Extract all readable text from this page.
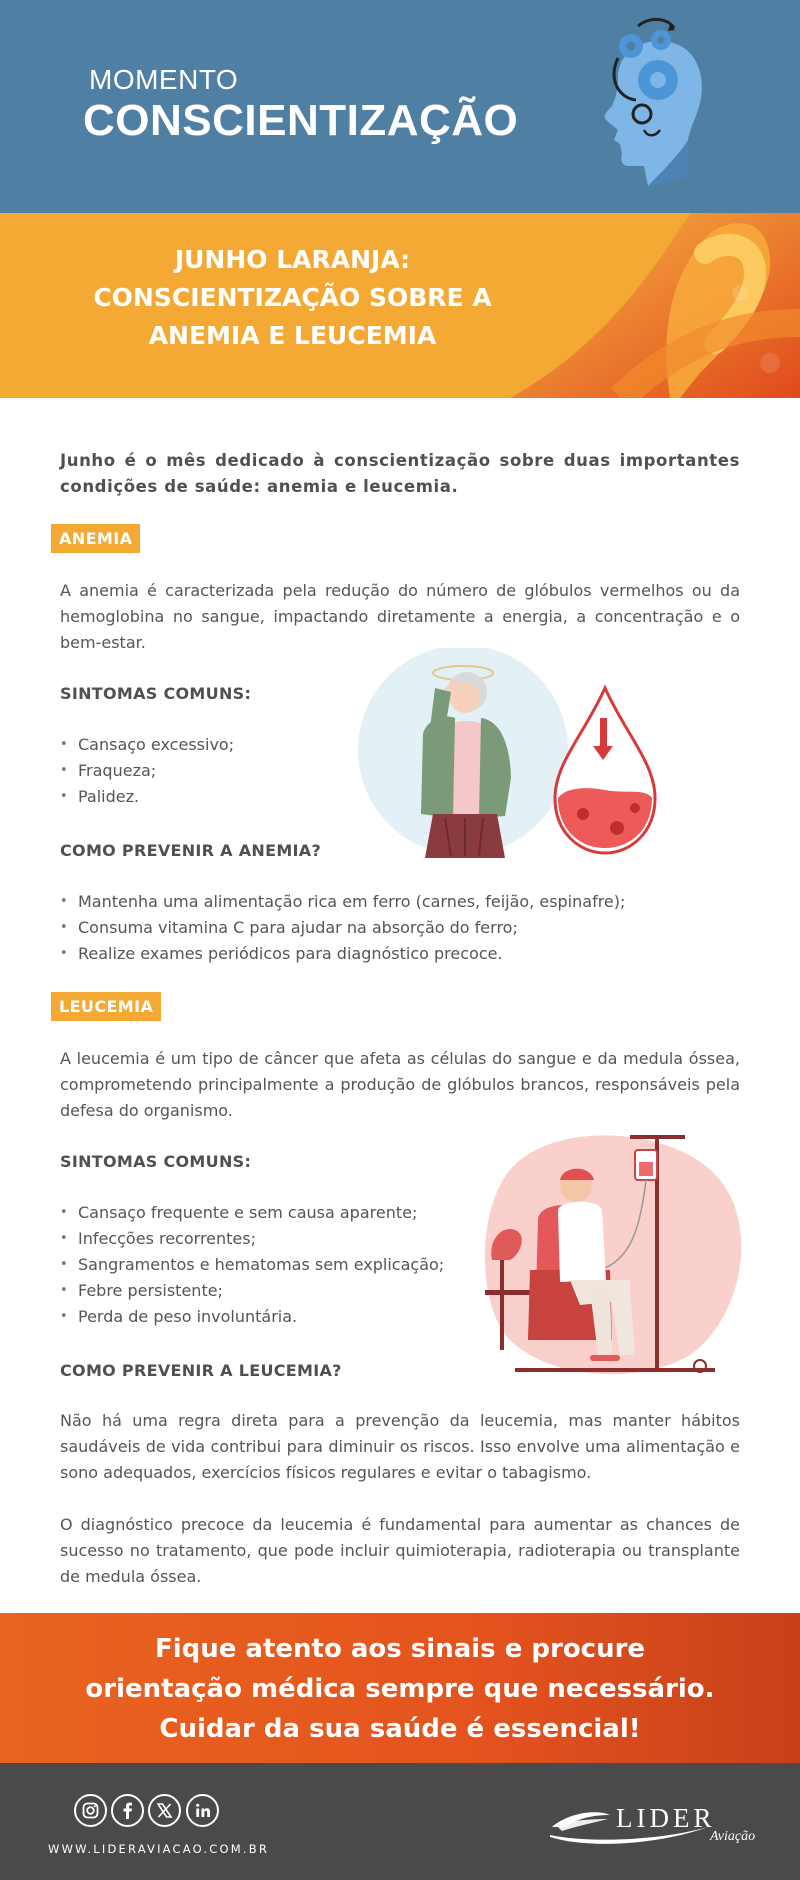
MOMENTO
CONSCIENTIZAÇÃO
JUNHO LARANJA:
CONSCIENTIZAÇÃO SOBRE A
ANEMIA E LEUCEMIA
Junho é o mês dedicado à conscientização sobre duas importantes condições de saúde: anemia e leucemia.
ANEMIA
A anemia é caracterizada pela redução do número de glóbulos vermelhos ou da hemoglobina no sangue, impactando diretamente a energia, a concentração e o bem-estar.
SINTOMAS COMUNS:
• Cansaço excessivo;
• Fraqueza;
• Palidez.
COMO PREVENIR A ANEMIA?
• Mantenha uma alimentação rica em ferro (carnes, feijão, espinafre);
• Consuma vitamina C para ajudar na absorção do ferro;
• Realize exames periódicos para diagnóstico precoce.
LEUCEMIA
A leucemia é um tipo de câncer que afeta as células do sangue e da medula óssea, comprometendo principalmente a produção de glóbulos brancos, responsáveis pela defesa do organismo.
SINTOMAS COMUNS:
• Cansaço frequente e sem causa aparente;
• Infecções recorrentes;
• Sangramentos e hematomas sem explicação;
• Febre persistente;
• Perda de peso involuntária.
COMO PREVENIR A LEUCEMIA?
Não há uma regra direta para a prevenção da leucemia, mas manter hábitos saudáveis de vida contribui para diminuir os riscos. Isso envolve uma alimentação e sono adequados, exercícios físicos regulares e evitar o tabagismo.
O diagnóstico precoce da leucemia é fundamental para aumentar as chances de sucesso no tratamento, que pode incluir quimioterapia, radioterapia ou transplante de medula óssea.
Fique atento aos sinais e procure
orientação médica sempre que necessário.
Cuidar da sua saúde é essencial!
WWW.LIDERAVIACAO.COM.BR
LIDER
Aviação
